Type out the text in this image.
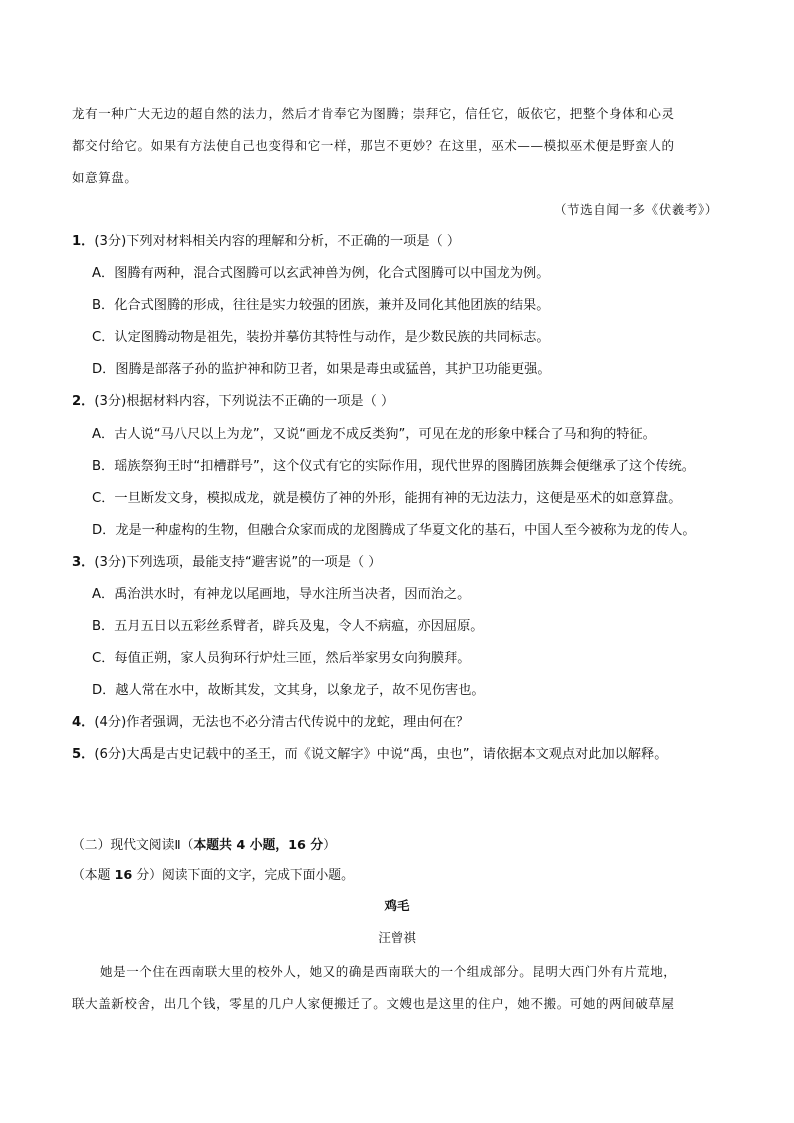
龙有一种广大无边的超自然的法力，然后才肯奉它为图腾；崇拜它，信任它，皈依它，把整个身体和心灵
都交付给它。如果有方法使自己也变得和它一样，那岂不更妙？在这里，巫术——模拟巫术便是野蛮人的
如意算盘。
（节选自闻一多《伏羲考》）
1．(3分)下列对材料相关内容的理解和分析，不正确的一项是（ ）
A．图腾有两种，混合式图腾可以玄武神兽为例，化合式图腾可以中国龙为例。
B．化合式图腾的形成，往往是实力较强的团族，兼并及同化其他团族的结果。
C．认定图腾动物是祖先，装扮并摹仿其特性与动作，是少数民族的共同标志。
D．图腾是部落子孙的监护神和防卫者，如果是毒虫或猛兽，其护卫功能更强。
2．(3分)根据材料内容，下列说法不正确的一项是（ ）
A．古人说“马八尺以上为龙”，又说“画龙不成反类狗”，可见在龙的形象中糅合了马和狗的特征。
B．瑶族祭狗王时“扣槽群号”，这个仪式有它的实际作用，现代世界的图腾团族舞会便继承了这个传统。
C．一旦断发文身，模拟成龙，就是模仿了神的外形，能拥有神的无边法力，这便是巫术的如意算盘。
D．龙是一种虚构的生物，但融合众家而成的龙图腾成了华夏文化的基石，中国人至今被称为龙的传人。
3．(3分)下列选项，最能支持“避害说”的一项是（ ）
A．禹治洪水时，有神龙以尾画地，导水注所当决者，因而治之。
B．五月五日以五彩丝系臂者，辟兵及鬼，令人不病瘟，亦因屈原。
C．每值正朔，家人员狗环行炉灶三匝，然后举家男女向狗膜拜。
D．越人常在水中，故断其发，文其身，以象龙子，故不见伤害也。
4．(4分)作者强调，无法也不必分清古代传说中的龙蛇，理由何在？
5．(6分)大禹是古史记载中的圣王，而《说文解字》中说“禹，虫也”，请依据本文观点对此加以解释。
（二）现代文阅读Ⅱ（本题共 4 小题，16 分）
（本题 16 分）阅读下面的文字，完成下面小题。
鸡毛
汪曾祺
她是一个住在西南联大里的校外人，她又的确是西南联大的一个组成部分。昆明大西门外有片荒地，
联大盖新校舍，出几个钱，零星的几户人家便搬迁了。文嫂也是这里的住户，她不搬。可她的两间破草屋
